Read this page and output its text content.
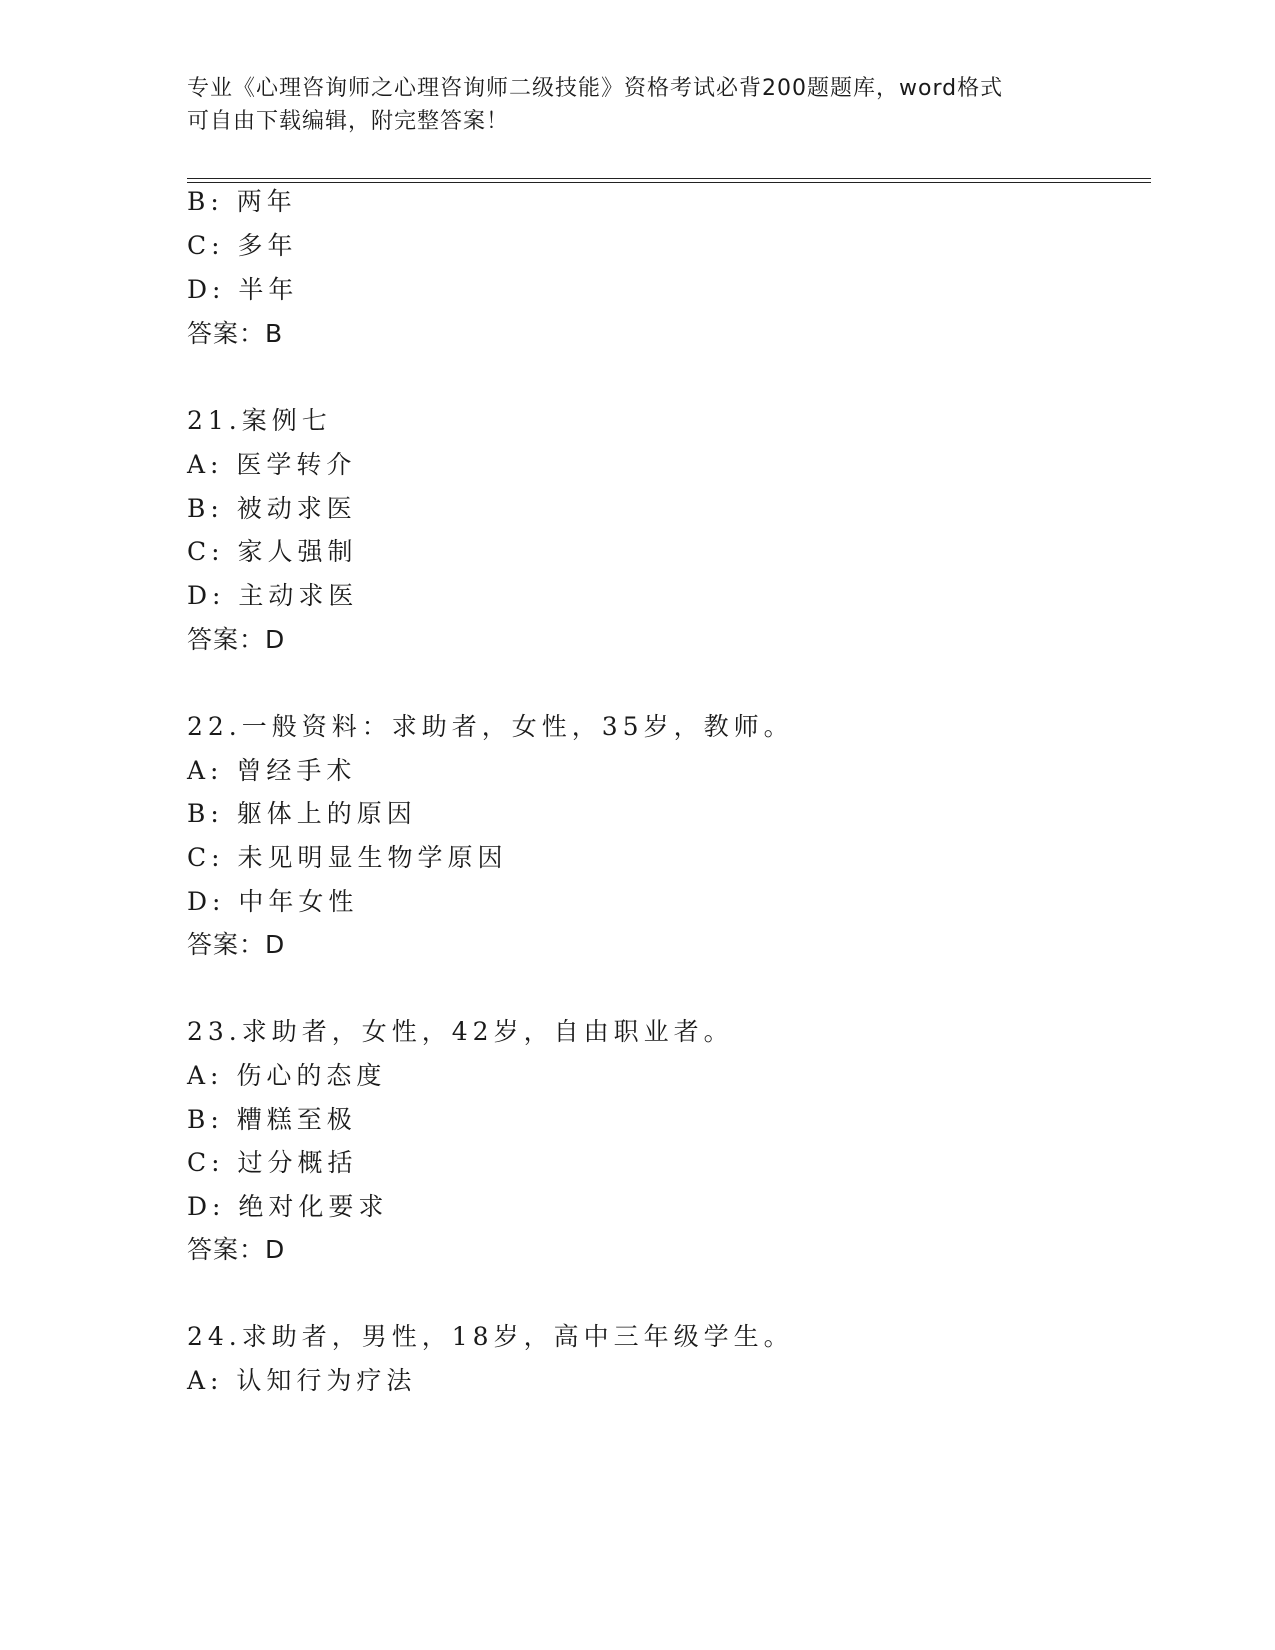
专业《心理咨询师之心理咨询师二级技能》资格考试必背200题题库，word格式
可自由下载编辑，附完整答案！
B: 两年
C: 多年
D: 半年
答案：B
21.案例七
A: 医学转介
B: 被动求医
C: 家人强制
D: 主动求医
答案：D
22.一般资料：求助者，女性，35岁，教师。
A: 曾经手术
B: 躯体上的原因
C: 未见明显生物学原因
D: 中年女性
答案：D
23.求助者，女性，42岁，自由职业者。
A: 伤心的态度
B: 糟糕至极
C: 过分概括
D: 绝对化要求
答案：D
24.求助者，男性，18岁，高中三年级学生。
A: 认知行为疗法
